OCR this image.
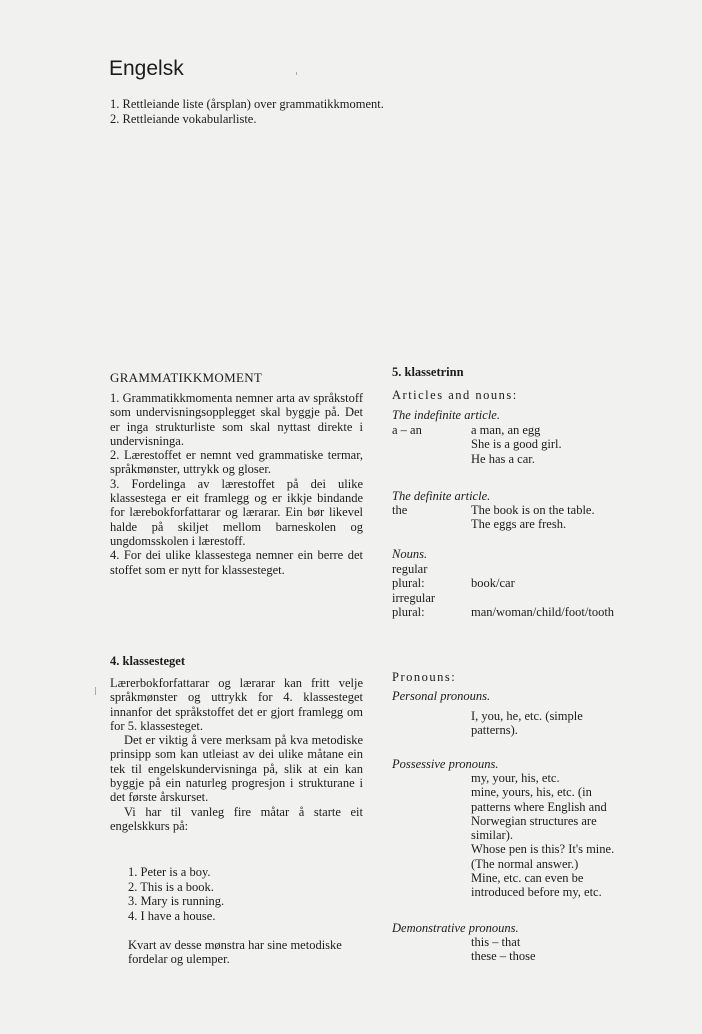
Engelsk
1. Rettleiande liste (årsplan) over grammatikkmoment.
2. Rettleiande vokabularliste.
GRAMMATIKKMOMENT
1. Grammatikkmomenta nemner arta av språkstoff som undervisningsopplegget skal byggje på. Det er inga strukturliste som skal nyttast direkte i undervisninga.
2. Lærestoffet er nemnt ved grammatiske termar, språkmønster, uttrykk og gloser.
3. Fordelinga av lærestoffet på dei ulike klassestega er eit framlegg og er ikkje bindande for lærebokforfattarar og lærarar. Ein bør likevel halde på skiljet mellom barneskolen og ungdomsskolen i lærestoff.
4. For dei ulike klassestega nemner ein berre det stoffet som er nytt for klassesteget.
4. klassesteget
Lærerbokforfattarar og lærarar kan fritt velje språkmønster og uttrykk for 4. klassesteget innanfor det språkstoffet det er gjort framlegg om for 5. klassesteget.
Det er viktig å vere merksam på kva metodiske prinsipp som kan utleiast av dei ulike måtane ein tek til engelskundervisninga på, slik at ein kan byggje på ein naturleg progresjon i strukturane i det første årskurset.
Vi har til vanleg fire måtar å starte eit engelskkurs på:
1. Peter is a boy.
2. This is a book.
3. Mary is running.
4. I have a house.
Kvart av desse mønstra har sine metodiske fordelar og ulemper.
5. klassetrinn
Articles and nouns:
The indefinite article.
a – an	a man, an egg
She is a good girl.
He has a car.
The definite article.
the	The book is on the table.
The eggs are fresh.
Nouns.
regular
plural:	book/car
irregular
plural:	man/woman/child/foot/tooth
Pronouns:
Personal pronouns.
I, you, he, etc. (simple
patterns).
Possessive pronouns.
my, your, his, etc.
mine, yours, his, etc. (in
patterns where English and
Norwegian structures are
similar).
Whose pen is this? It's mine.
(The normal answer.)
Mine, etc. can even be
introduced before my, etc.
Demonstrative pronouns.
this – that
these – those
